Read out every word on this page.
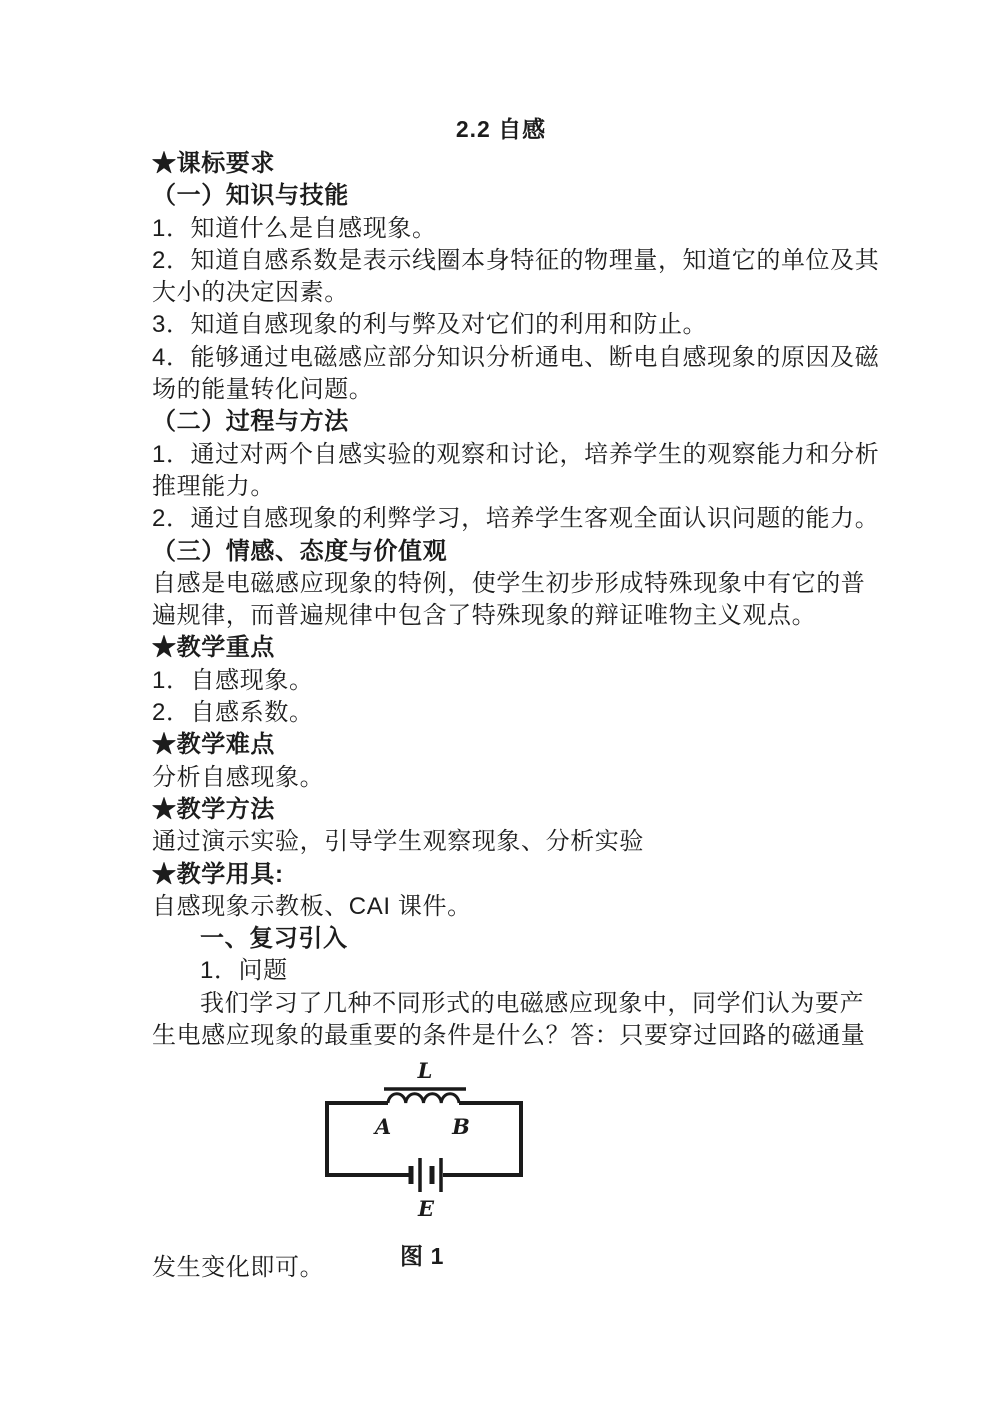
2.2 自感
★课标要求
（一）知识与技能
1．知道什么是自感现象。
2．知道自感系数是表示线圈本身特征的物理量，知道它的单位及其
大小的决定因素。
3．知道自感现象的利与弊及对它们的利用和防止。
4．能够通过电磁感应部分知识分析通电、断电自感现象的原因及磁
场的能量转化问题。
（二）过程与方法
1．通过对两个自感实验的观察和讨论，培养学生的观察能力和分析
推理能力。
2．通过自感现象的利弊学习，培养学生客观全面认识问题的能力。
（三）情感、态度与价值观
自感是电磁感应现象的特例，使学生初步形成特殊现象中有它的普
遍规律，而普遍规律中包含了特殊现象的辩证唯物主义观点。
★教学重点
1．自感现象。
2．自感系数。
★教学难点
分析自感现象。
★教学方法
通过演示实验，引导学生观察现象、分析实验
★教学用具:
自感现象示教板、CAI 课件。
一、复习引入
1．问题
我们学习了几种不同形式的电磁感应现象中，同学们认为要产
生电感应现象的最重要的条件是什么？答：只要穿过回路的磁通量
L
A	B
E
发生变化即可。	图 1
